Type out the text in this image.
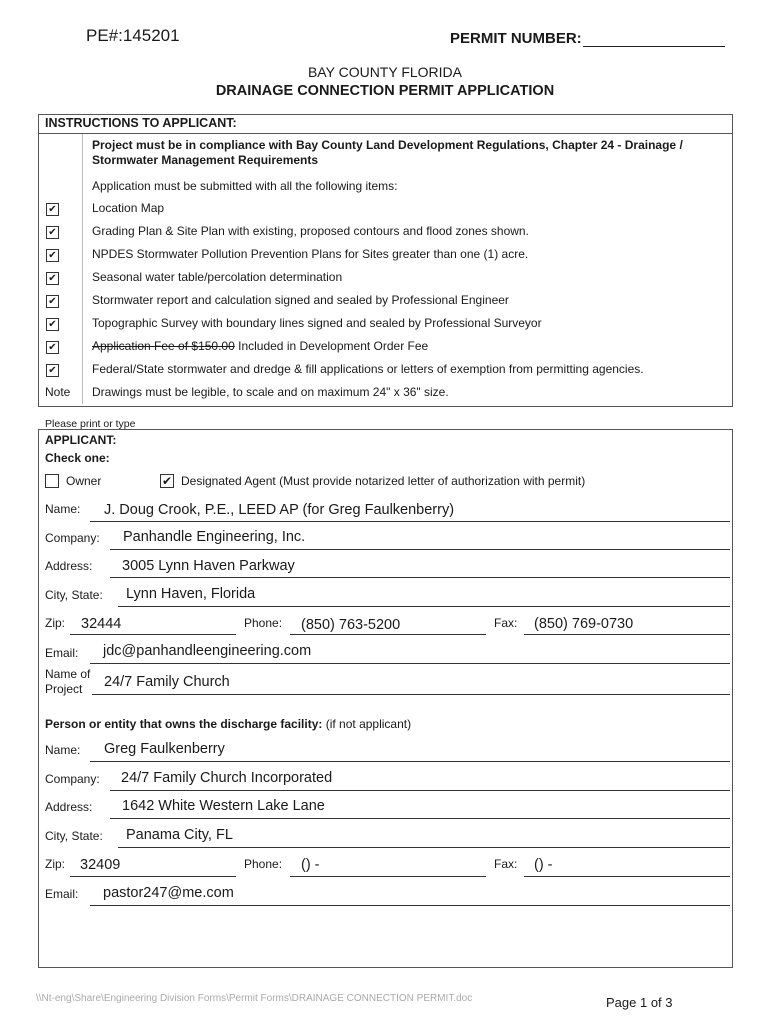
PE#:145201	PERMIT NUMBER:
BAY COUNTY FLORIDA
DRAINAGE CONNECTION PERMIT APPLICATION
INSTRUCTIONS TO APPLICANT:
Project must be in compliance with Bay County Land Development Regulations, Chapter 24 - Drainage / Stormwater Management Requirements
Application must be submitted with all the following items:
✔	Location Map
✔	Grading Plan & Site Plan with existing, proposed contours and flood zones shown.
✔	NPDES Stormwater Pollution Prevention Plans for Sites greater than one (1) acre.
✔	Seasonal water table/percolation determination
✔	Stormwater report and calculation signed and sealed by Professional Engineer
✔	Topographic Survey with boundary lines signed and sealed by Professional Surveyor
✔	Application Fee of $150.00 Included in Development Order Fee
✔	Federal/State stormwater and dredge & fill applications or letters of exemption from permitting agencies.
Note Drawings must be legible, to scale and on maximum 24" x 36" size.
Please print or type
APPLICANT:
Check one:
Owner	✔ Designated Agent (Must provide notarized letter of authorization with permit)
Name: J. Doug Crook, P.E., LEED AP (for Greg Faulkenberry)
Company: Panhandle Engineering, Inc.
Address: 3005 Lynn Haven Parkway
City, State: Lynn Haven, Florida
Zip: 32444	Phone: (850) 763-5200	Fax: (850) 769-0730
Email: jdc@panhandleengineering.com
Name of
Project 24/7 Family Church
Person or entity that owns the discharge facility: (if not applicant)
Name: Greg Faulkenberry
Company: 24/7 Family Church Incorporated
Address: 1642 White Western Lake Lane
City, State: Panama City, FL
Zip: 32409	Phone: () -	Fax: () -
Email: pastor247@me.com
\\Nt-eng\Share\Engineering Division Forms\Permit Forms\DRAINAGE CONNECTION PERMIT.doc	Page 1 of 3
